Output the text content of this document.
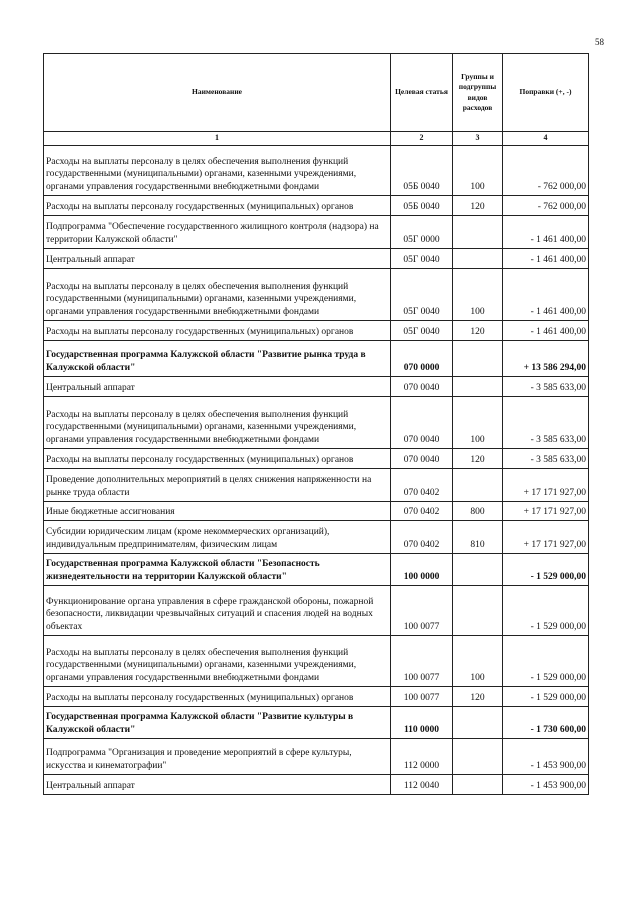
58
Наименование	Целевая статья	Группы и подгруппы видов расходов	Поправки (+, -)
1	2	3	4
Расходы на выплаты персоналу в целях обеспечения выполнения функций государственными (муниципальными) органами, казенными учреждениями, органами управления государственными внебюджетными фондами	05Б 0040	100	- 762 000,00
Расходы на выплаты персоналу государственных (муниципальных) органов	05Б 0040	120	- 762 000,00
Подпрограмма "Обеспечение государственного жилищного контроля (надзора) на территории Калужской области"	05Г 0000		- 1 461 400,00
Центральный аппарат	05Г 0040		- 1 461 400,00
Расходы на выплаты персоналу в целях обеспечения выполнения функций государственными (муниципальными) органами, казенными учреждениями, органами управления государственными внебюджетными фондами	05Г 0040	100	- 1 461 400,00
Расходы на выплаты персоналу государственных (муниципальных) органов	05Г 0040	120	- 1 461 400,00
Государственная программа Калужской области "Развитие рынка труда в Калужской области"	070 0000		+ 13 586 294,00
Центральный аппарат	070 0040		- 3 585 633,00
Расходы на выплаты персоналу в целях обеспечения выполнения функций государственными (муниципальными) органами, казенными учреждениями, органами управления государственными внебюджетными фондами	070 0040	100	- 3 585 633,00
Расходы на выплаты персоналу государственных (муниципальных) органов	070 0040	120	- 3 585 633,00
Проведение дополнительных мероприятий в целях снижения напряженности на рынке труда области	070 0402		+ 17 171 927,00
Иные бюджетные ассигнования	070 0402	800	+ 17 171 927,00
Субсидии юридическим лицам (кроме некоммерческих организаций), индивидуальным предпринимателям, физическим лицам	070 0402	810	+ 17 171 927,00
Государственная программа Калужской области "Безопасность жизнедеятельности на территории Калужской области"	100 0000		- 1 529 000,00
Функционирование органа управления в сфере гражданской обороны, пожарной безопасности, ликвидации чрезвычайных ситуаций и спасения людей на водных объектах	100 0077		- 1 529 000,00
Расходы на выплаты персоналу в целях обеспечения выполнения функций государственными (муниципальными) органами, казенными учреждениями, органами управления государственными внебюджетными фондами	100 0077	100	- 1 529 000,00
Расходы на выплаты персоналу государственных (муниципальных) органов	100 0077	120	- 1 529 000,00
Государственная программа Калужской области "Развитие культуры в Калужской области"	110 0000		- 1 730 600,00
Подпрограмма "Организация и проведение мероприятий в сфере культуры, искусства и кинематографии"	112 0000		- 1 453 900,00
Центральный аппарат	112 0040		- 1 453 900,00
